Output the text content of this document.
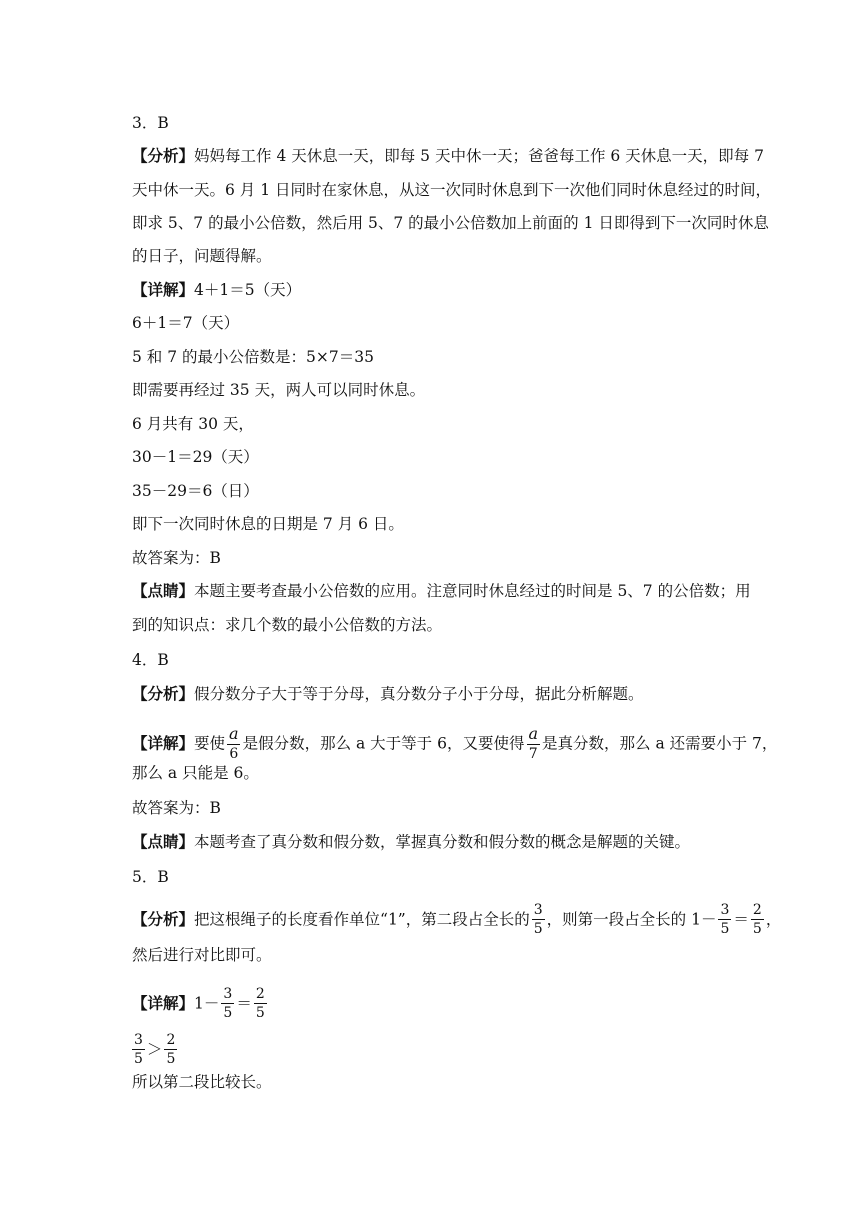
3．B
【分析】妈妈每工作 4 天休息一天，即每 5 天中休一天；爸爸每工作 6 天休息一天，即每 7
天中休一天。6 月 1 日同时在家休息，从这一次同时休息到下一次他们同时休息经过的时间，
即求 5、7 的最小公倍数，然后用 5、7 的最小公倍数加上前面的 1 日即得到下一次同时休息
的日子，问题得解。
【详解】4＋1＝5（天）
6＋1＝7（天）
5 和 7 的最小公倍数是：5×7＝35
即需要再经过 35 天，两人可以同时休息。
6 月共有 30 天，
30－1＝29（天）
35－29＝6（日）
即下一次同时休息的日期是 7 月 6 日。
故答案为：B
【点睛】本题主要考查最小公倍数的应用。注意同时休息经过的时间是 5、7 的公倍数；用
到的知识点：求几个数的最小公倍数的方法。
4．B
【分析】假分数分子大于等于分母，真分数分子小于分母，据此分析解题。
【详解】要使 $\frac{a}{6}$ 是假分数，那么 a 大于等于 6，又要使得 $\frac{a}{7}$ 是真分数，那么 a 还需要小于 7，
那么 a 只能是 6。
故答案为：B
【点睛】本题考查了真分数和假分数，掌握真分数和假分数的概念是解题的关键。
5．B
【分析】把这根绳子的长度看作单位“1”，第二段占全长的 $\frac{3}{5}$ ，则第一段占全长的 $1- \frac{3}{5} = \frac{2}{5}$ ，
然后进行对比即可。
【详解】$1- \frac{3}{5} = \frac{2}{5}$
$\frac{3}{5} > \frac{2}{5}$
所以第二段比较长。
